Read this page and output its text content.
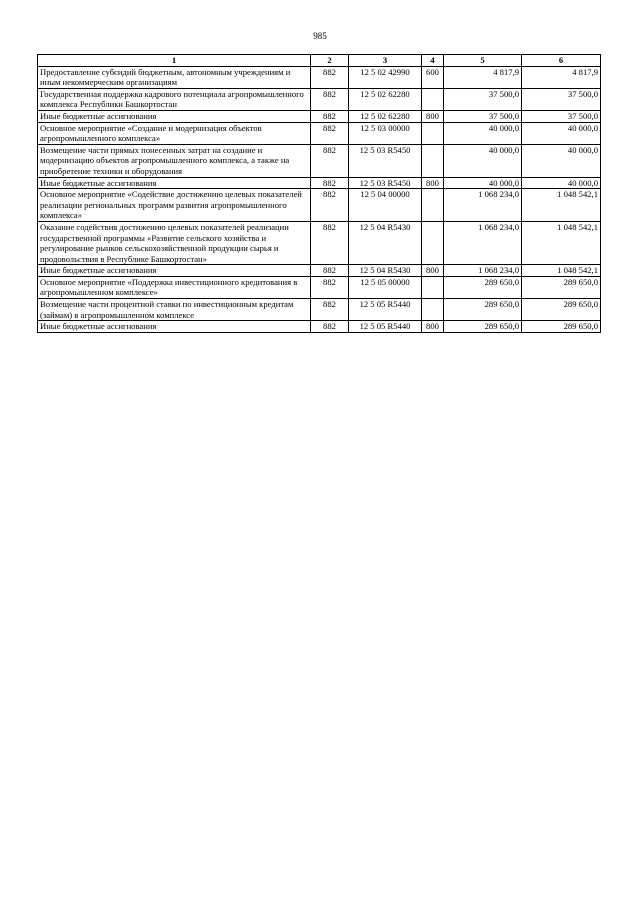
985
1	2	3	4	5	6
Предоставление субсидий бюджетным, автономным учреждениям и иным некоммерческим организациям	882	12 5 02 42990	600	4 817,9	4 817,9
Государственная поддержка кадрового потенциала агропромышленного комплекса Республики Башкортостан	882	12 5 02 62280		37 500,0	37 500,0
Иные бюджетные ассигнования	882	12 5 02 62280	800	37 500,0	37 500,0
Основное мероприятие «Создание и модернизация объектов агропромышленного комплекса»	882	12 5 03 00000		40 000,0	40 000,0
Возмещение части прямых понесенных затрат на создание и модернизацию объектов агропромышленного комплекса, а также на приобретение техники и оборудования	882	12 5 03 R5450		40 000,0	40 000,0
Иные бюджетные ассигнования	882	12 5 03 R5450	800	40 000,0	40 000,0
Основное мероприятие «Содействие достижению целевых показателей реализации региональных программ развития агропромышленного комплекса»	882	12 5 04 00000		1 068 234,0	1 048 542,1
Оказание содействия достижению целевых показателей реализации государственной программы «Развитие сельского хозяйства и регулирование рынков сельскохозяйственной продукции сырья и продовольствия в Республике Башкортостан»	882	12 5 04 R5430		1 068 234,0	1 048 542,1
Иные бюджетные ассигнования	882	12 5 04 R5430	800	1 068 234,0	1 048 542,1
Основное мероприятие «Поддержка инвестиционного кредитования в агропромышленном комплексе»	882	12 5 05 00000		289 650,0	289 650,0
Возмещение части процентной ставки по инвестиционным кредитам (займам) в агропромышленном комплексе	882	12 5 05 R5440		289 650,0	289 650,0
Иные бюджетные ассигнования	882	12 5 05 R5440	800	289 650,0	289 650,0
